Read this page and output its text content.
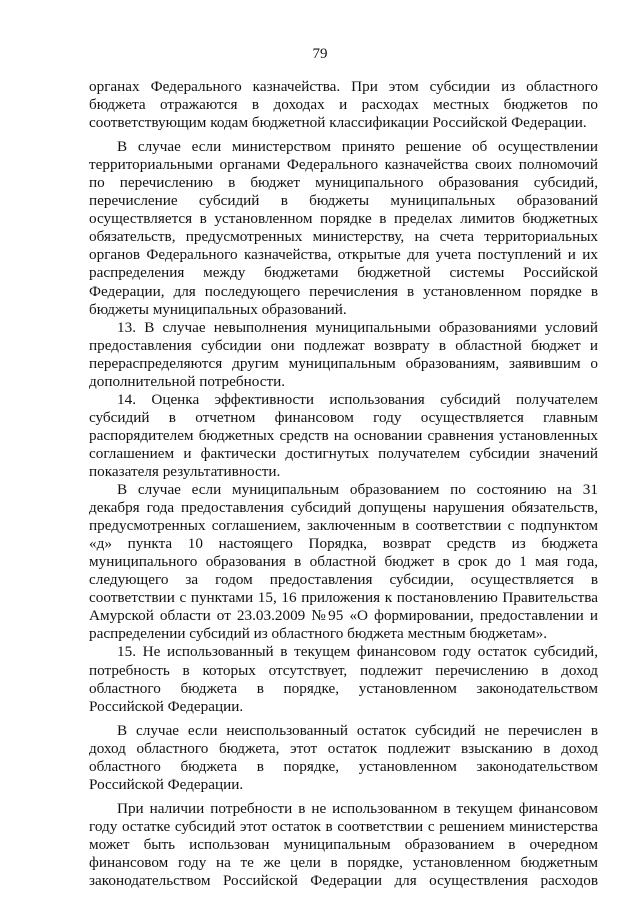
79
органах Федерального казначейства. При этом субсидии из областного
бюджета отражаются в доходах и расходах местных бюджетов по
соответствующим кодам бюджетной классификации Российской Федерации.
В случае если министерством принято решение об осуществлении
территориальными органами Федерального казначейства своих полномочий
по перечислению в бюджет муниципального образования субсидий,
перечисление субсидий в бюджеты муниципальных образований
осуществляется в установленном порядке в пределах лимитов бюджетных
обязательств, предусмотренных министерству, на счета территориальных
органов Федерального казначейства, открытые для учета поступлений и их
распределения между бюджетами бюджетной системы Российской
Федерации, для последующего перечисления в установленном порядке в
бюджеты муниципальных образований.
13. В случае невыполнения муниципальными образованиями условий
предоставления субсидии они подлежат возврату в областной бюджет и
перераспределяются другим муниципальным образованиям, заявившим о
дополнительной потребности.
14. Оценка эффективности использования субсидий получателем
субсидий в отчетном финансовом году осуществляется главным
распорядителем бюджетных средств на основании сравнения установленных
соглашением и фактически достигнутых получателем субсидии значений
показателя результативности.
В случае если муниципальным образованием по состоянию на 31
декабря года предоставления субсидий допущены нарушения обязательств,
предусмотренных соглашением, заключенным в соответствии с подпунктом
«д» пункта 10 настоящего Порядка, возврат средств из бюджета
муниципального образования в областной бюджет в срок до 1 мая года,
следующего за годом предоставления субсидии, осуществляется в
соответствии с пунктами 15, 16 приложения к постановлению Правительства
Амурской области от 23.03.2009 №95 «О формировании, предоставлении и
распределении субсидий из областного бюджета местным бюджетам».
15. Не использованный в текущем финансовом году остаток субсидий,
потребность в которых отсутствует, подлежит перечислению в доход
областного бюджета в порядке, установленном законодательством
Российской Федерации.
В случае если неиспользованный остаток субсидий не перечислен в
доход областного бюджета, этот остаток подлежит взысканию в доход
областного бюджета в порядке, установленном законодательством
Российской Федерации.
При наличии потребности в не использованном в текущем финансовом
году остатке субсидий этот остаток в соответствии с решением министерства
может быть использован муниципальным образованием в очередном
финансовом году на те же цели в порядке, установленном бюджетным
законодательством Российской Федерации для осуществления расходов
